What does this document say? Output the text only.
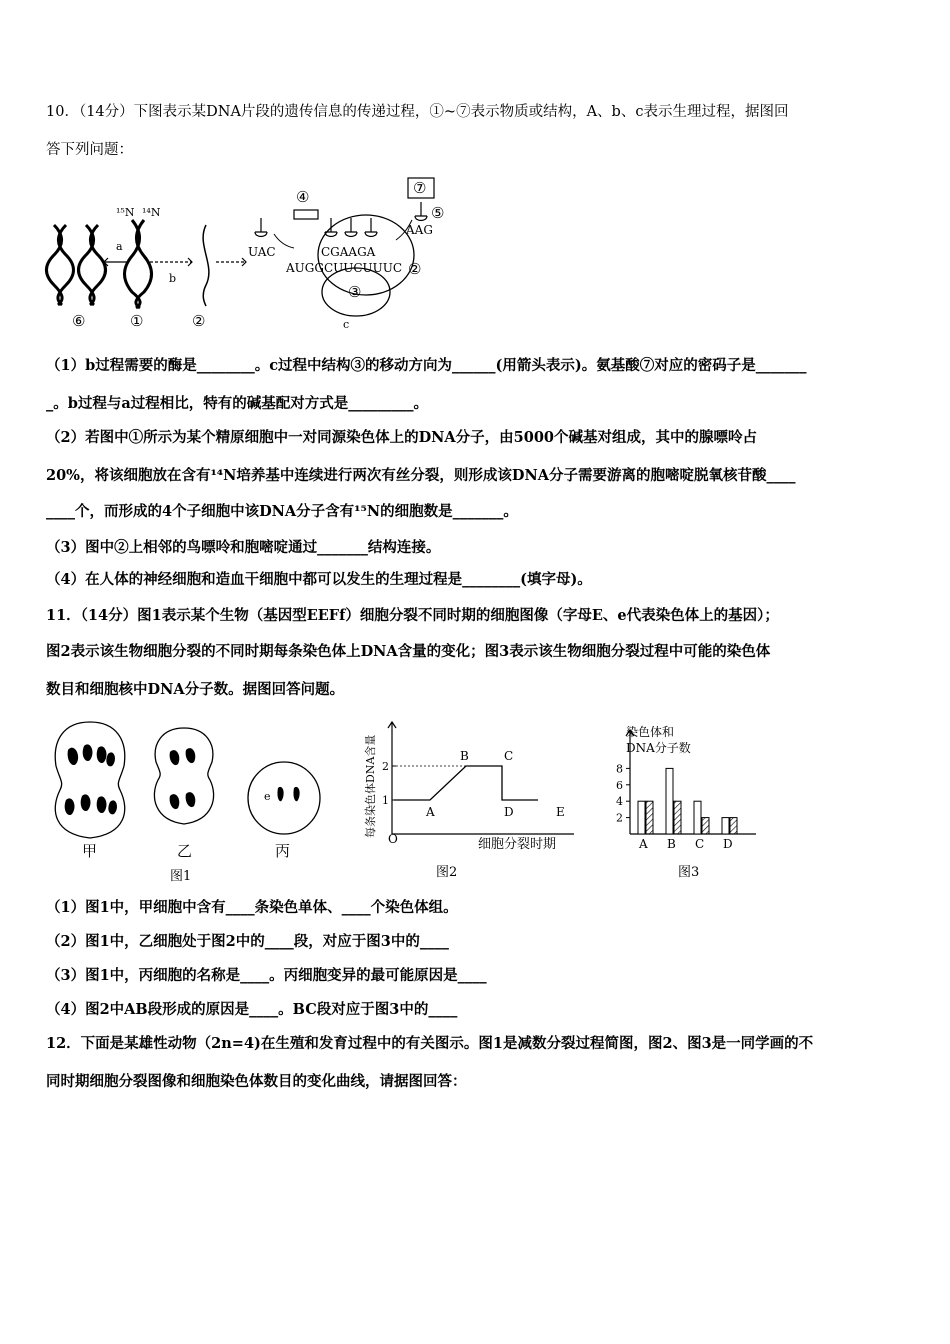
10．（14分）下图表示某DNA片段的遗传信息的传递过程，①~⑦表示物质或结构，A、b、c表示生理过程，据图回
答下列问题：
a
b
¹⁵N ¹⁴N
⑥	①	②
⑦
④
⑤
AAG
UAC	CGAAGA
AUGGCUUCUUUC ②
③
c
（1）b过程需要的酶是________。c过程中结构③的移动方向为______(用箭头表示)。氨基酸⑦对应的密码子是_______
_。b过程与a过程相比，特有的碱基配对方式是_________。
（2）若图中①所示为某个精原细胞中一对同源染色体上的DNA分子，由5000个碱基对组成，其中的腺嘌呤占
20%，将该细胞放在含有¹⁴N培养基中连续进行两次有丝分裂，则形成该DNA分子需要游离的胞嘧啶脱氧核苷酸____
____个，而形成的4个子细胞中该DNA分子含有¹⁵N的细胞数是_______。
（3）图中②上相邻的鸟嘌呤和胞嘧啶通过_______结构连接。
（4）在人体的神经细胞和造血干细胞中都可以发生的生理过程是________(填字母)。
11．（14分）图1表示某个生物（基因型EEFf）细胞分裂不同时期的细胞图像（字母E、e代表染色体上的基因）；
图2表示该生物细胞分裂的不同时期每条染色体上DNA含量的变化；图3表示该生物细胞分裂过程中可能的染色体
数目和细胞核中DNA分子数。据图回答问题。
e E
甲	乙	丙
图1
每条染色体DNA含量
O	细胞分裂时期
图2
1
2
A
B	C
D	E
染色体和
DNA分子数
图3
2
4
6
8
A B C D
（1）图1中，甲细胞中含有____条染色单体、____个染色体组。
（2）图1中，乙细胞处于图2中的____段，对应于图3中的____
（3）图1中，丙细胞的名称是____。丙细胞变异的最可能原因是____
（4）图2中AB段形成的原因是____。BC段对应于图3中的____
12．下面是某雄性动物（2n=4)在生殖和发育过程中的有关图示。图1是减数分裂过程简图，图2、图3是一同学画的不
同时期细胞分裂图像和细胞染色体数目的变化曲线，请据图回答：
